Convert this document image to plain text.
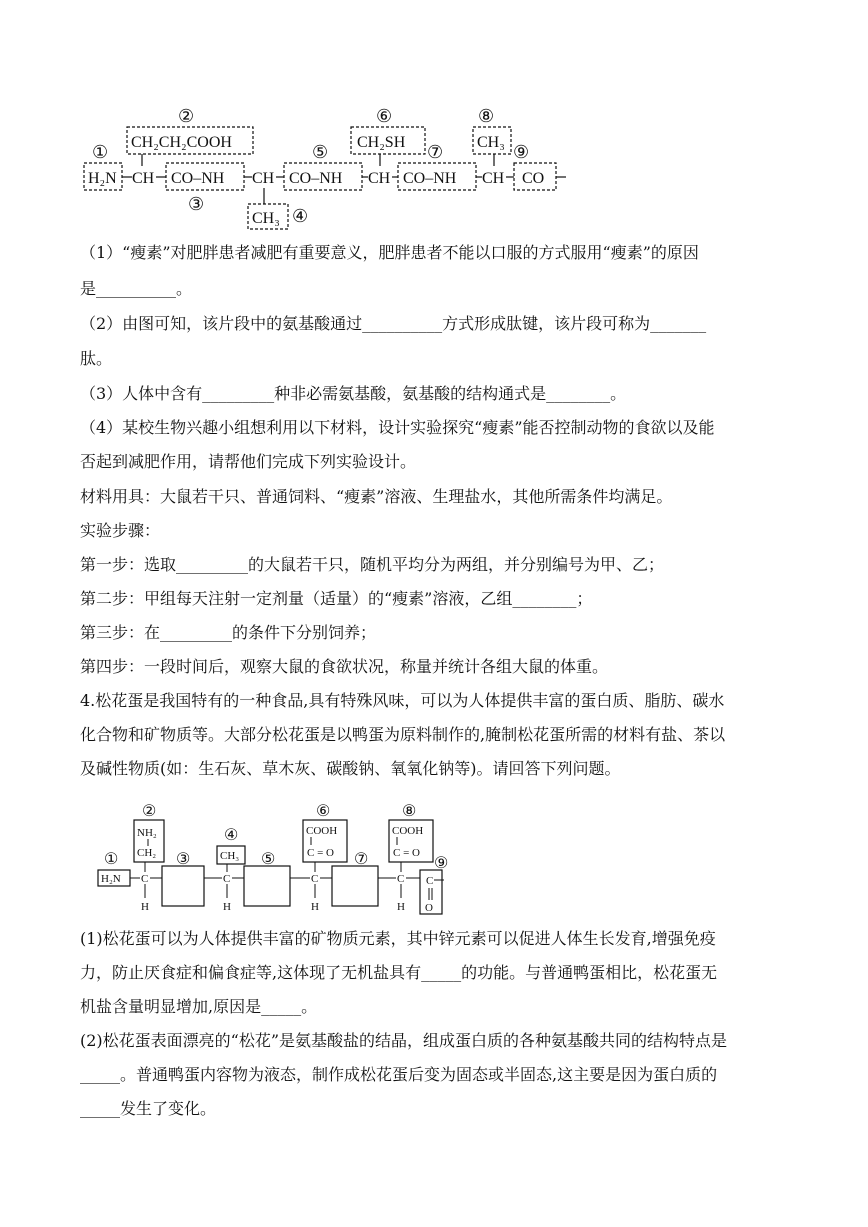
①
②
③
④
⑤
⑥
⑦
⑧
⑨
H₂N CH
CH₂CH₂COOH
CO–NH CH
CH₃
CO–NH CH
CH₂SH
CO–NH CH
CH₃
CO
（1）“瘦素”对肥胖患者减肥有重要意义，肥胖患者不能以口服的方式服用“瘦素”的原因
是__________。
（2）由图可知，该片段中的氨基酸通过__________方式形成肽键，该片段可称为_______
肽。
（3）人体中含有_________种非必需氨基酸，氨基酸的结构通式是________。
（4）某校生物兴趣小组想利用以下材料，设计实验探究“瘦素”能否控制动物的食欲以及能
否起到减肥作用，请帮他们完成下列实验设计。
材料用具：大鼠若干只、普通饲料、“瘦素”溶液、生理盐水，其他所需条件均满足。
实验步骤：
第一步：选取_________的大鼠若干只，随机平均分为两组，并分别编号为甲、乙；
第二步：甲组每天注射一定剂量（适量）的“瘦素”溶液，乙组________；
第三步：在_________的条件下分别饲养；
第四步：一段时间后，观察大鼠的食欲状况，称量并统计各组大鼠的体重。
4.松花蛋是我国特有的一种食品,具有特殊风味，可以为人体提供丰富的蛋白质、脂肪、碳水
化合物和矿物质等。大部分松花蛋是以鸭蛋为原料制作的,腌制松花蛋所需的材料有盐、茶以
及碱性物质(如：生石灰、草木灰、碳酸钠、氧氧化钠等)。请回答下列问题。
①
②
③
④
⑤
⑥
⑦
⑧
⑨
H₂N C
H
NH₂
CH₂
C
H
CH₃
C
H
COOH
C = O
C
H
COOH
C = O
C
O
(1)松花蛋可以为人体提供丰富的矿物质元素，其中锌元素可以促进人体生长发育,增强免疫
力，防止厌食症和偏食症等,这体现了无机盐具有_____的功能。与普通鸭蛋相比，松花蛋无
机盐含量明显增加,原因是_____。
(2)松花蛋表面漂亮的“松花”是氨基酸盐的结晶，组成蛋白质的各种氨基酸共同的结构特点是
_____。普通鸭蛋内容物为液态，制作成松花蛋后变为固态或半固态,这主要是因为蛋白质的
_____发生了变化。
